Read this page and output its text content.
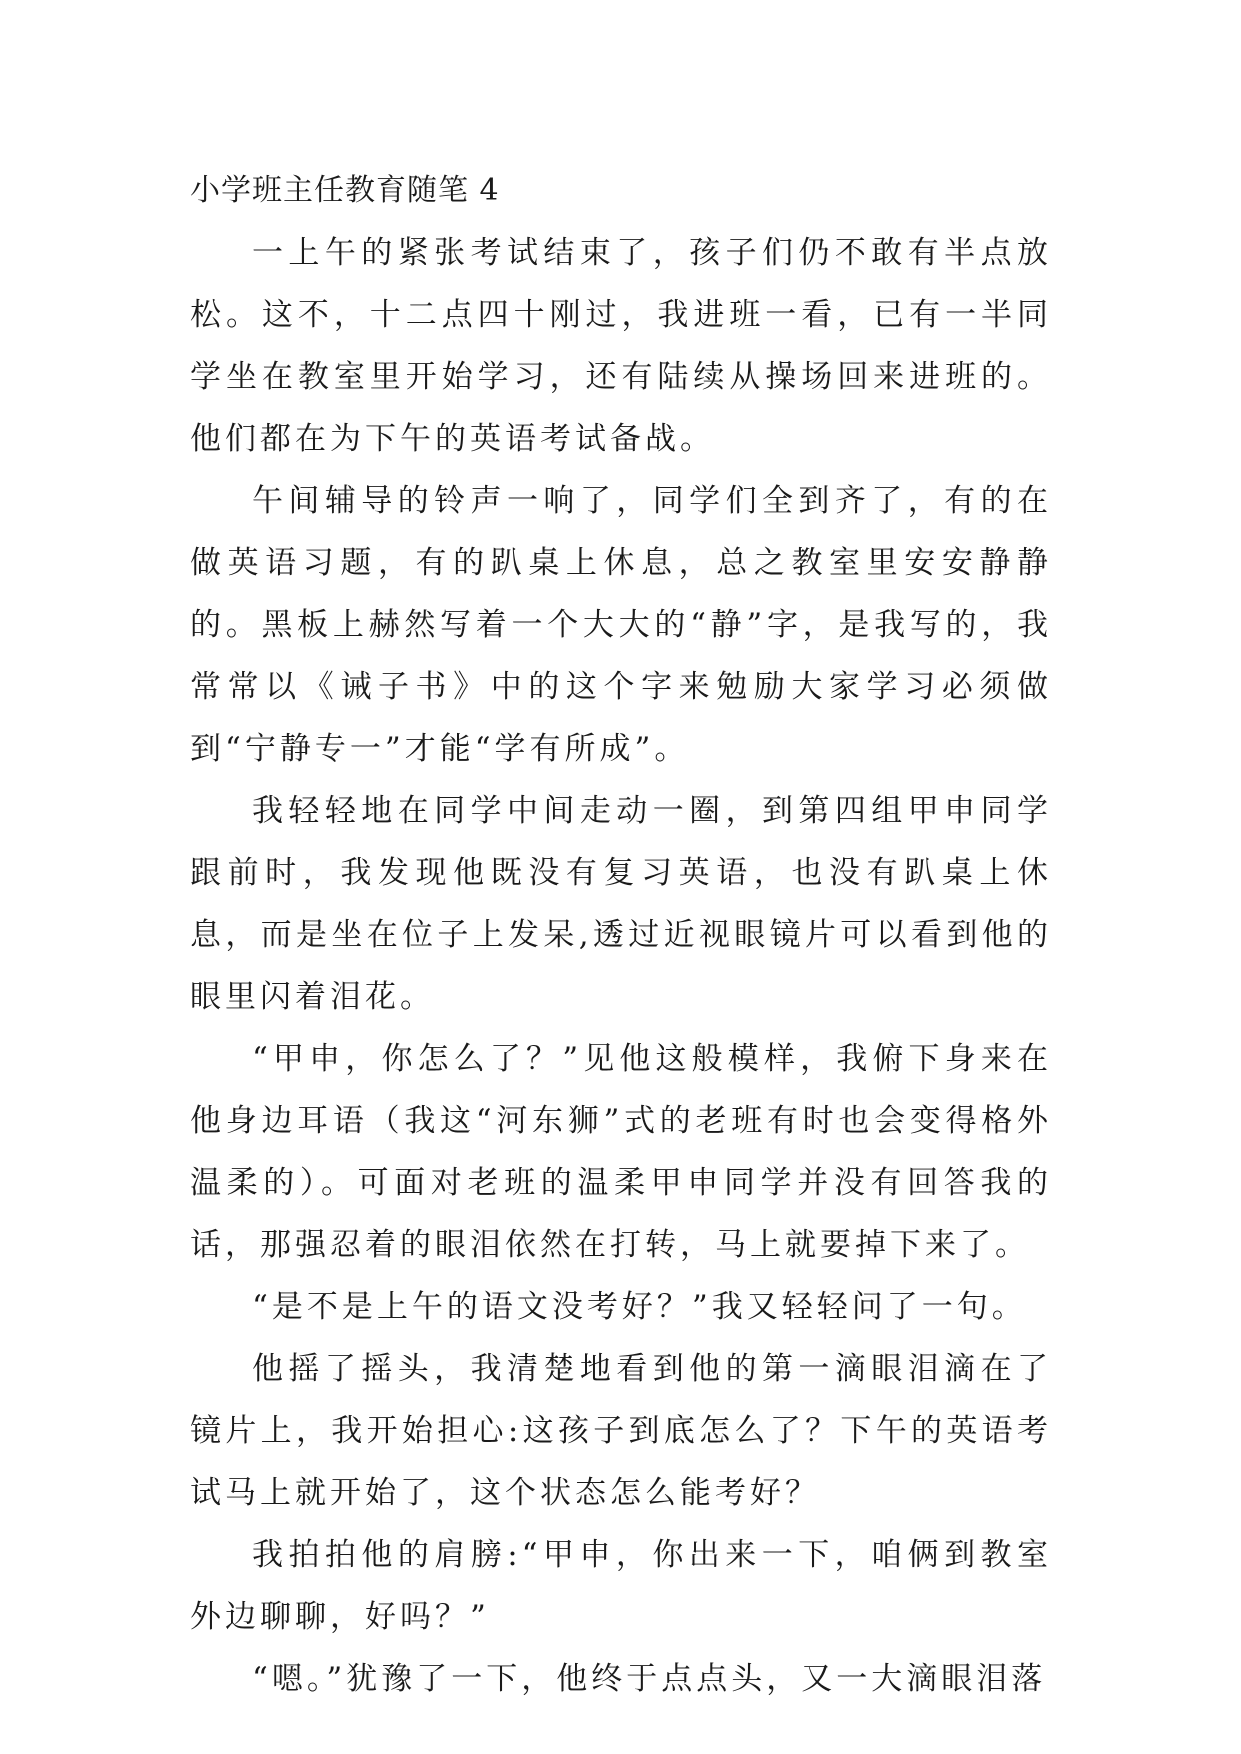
小学班主任教育随笔 4

一上午的紧张考试结束了，孩子们仍不敢有半点放松。这不，十二点四十刚过，我进班一看，已有一半同学坐在教室里开始学习，还有陆续从操场回来进班的。他们都在为下午的英语考试备战。

午间辅导的铃声一响了，同学们全到齐了，有的在做英语习题，有的趴桌上休息，总之教室里安安静静的。黑板上赫然写着一个大大的“静”字，是我写的，我常常以《诫子书》中的这个字来勉励大家学习必须做到“宁静专一”才能“学有所成”。

我轻轻地在同学中间走动一圈，到第四组甲申同学跟前时，我发现他既没有复习英语，也没有趴桌上休息，而是坐在位子上发呆,透过近视眼镜片可以看到他的眼里闪着泪花。

“甲申，你怎么了？”见他这般模样，我俯下身来在他身边耳语（我这“河东狮”式的老班有时也会变得格外温柔的）。可面对老班的温柔甲申同学并没有回答我的话，那强忍着的眼泪依然在打转，马上就要掉下来了。

“是不是上午的语文没考好？”我又轻轻问了一句。

他摇了摇头，我清楚地看到他的第一滴眼泪滴在了镜片上，我开始担心:这孩子到底怎么了？下午的英语考试马上就开始了，这个状态怎么能考好？

我拍拍他的肩膀:“甲申，你出来一下，咱俩到教室外边聊聊，好吗？”

“嗯。”犹豫了一下，他终于点点头，又一大滴眼泪落
